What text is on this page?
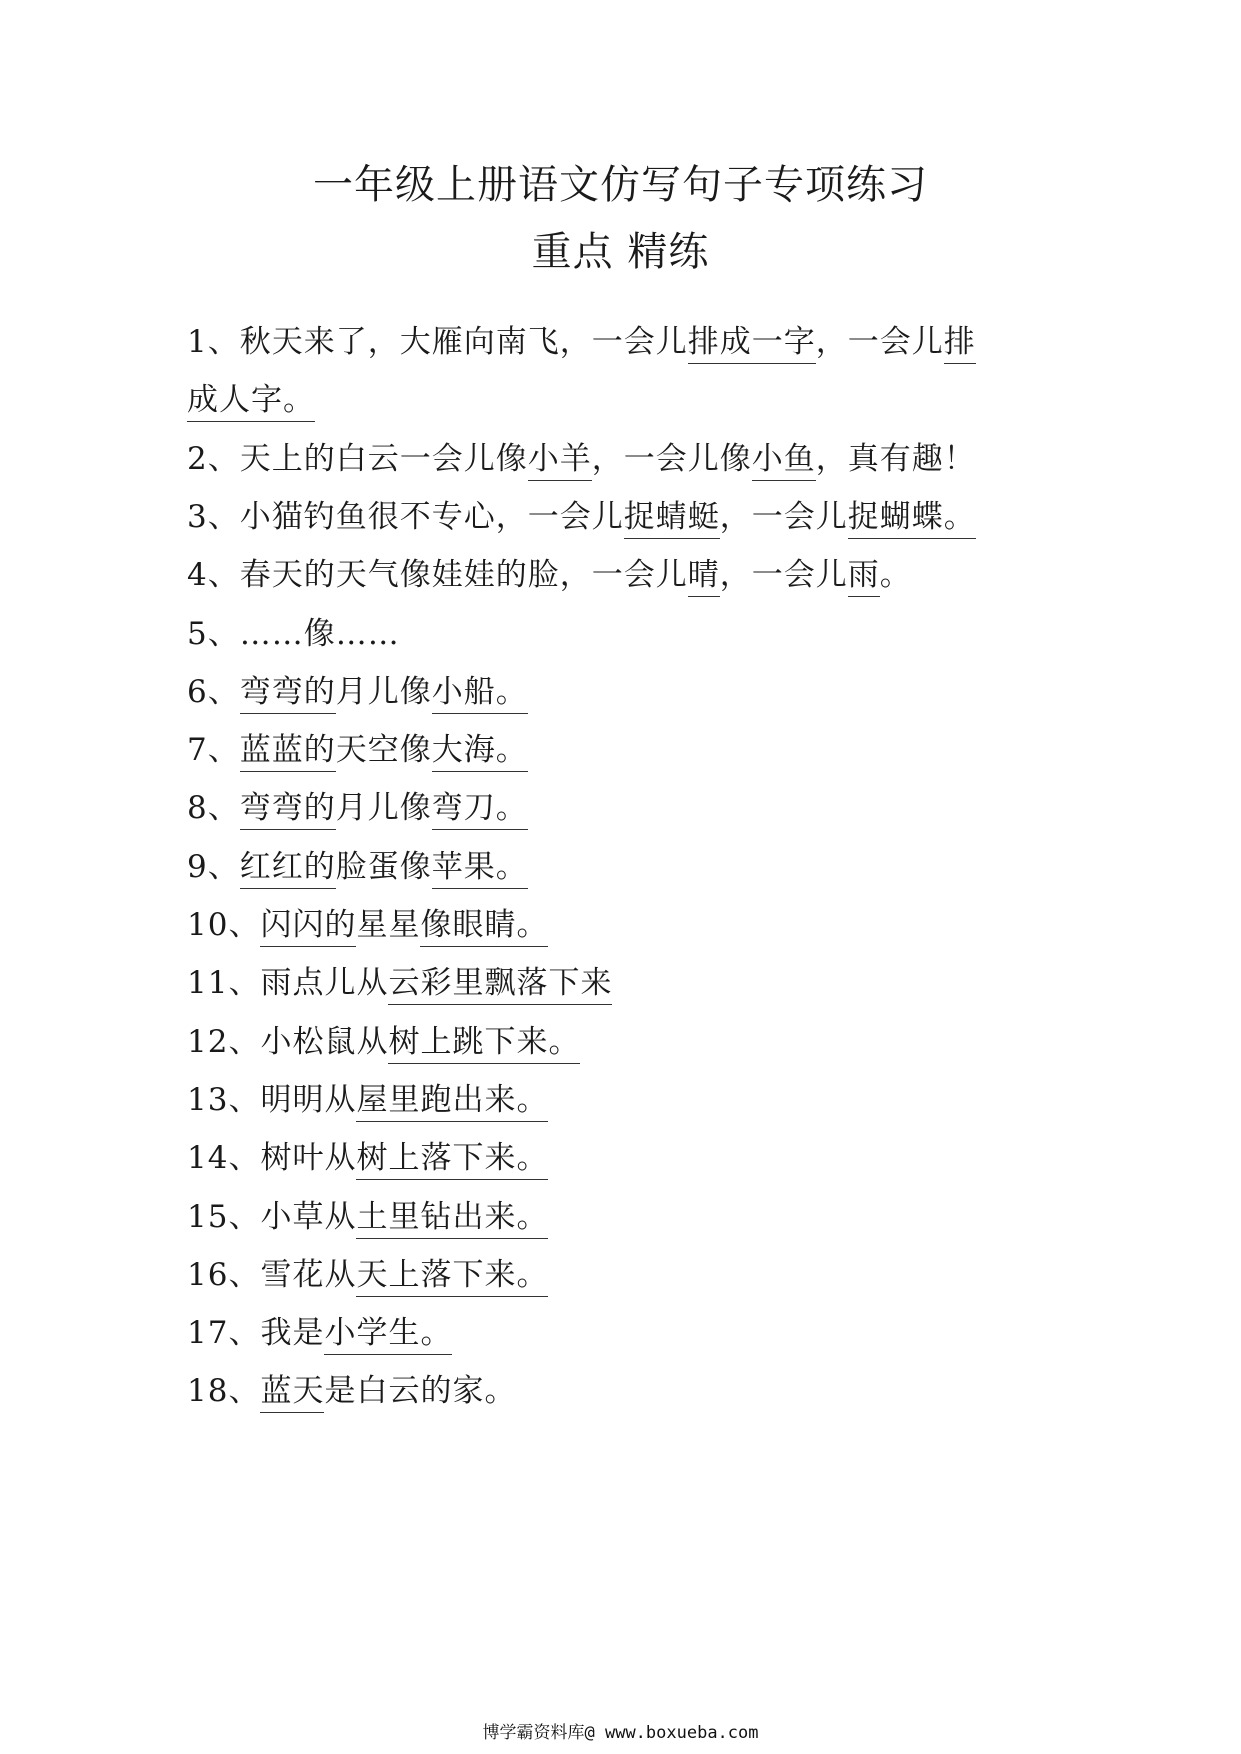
一年级上册语文仿写句子专项练习
重点 精练
1、秋天来了，大雁向南飞，一会儿排成一字，一会儿排
成人字。
2、天上的白云一会儿像小羊，一会儿像小鱼，真有趣！
3、小猫钓鱼很不专心，一会儿捉蜻蜓，一会儿捉蝴蝶。
4、春天的天气像娃娃的脸，一会儿晴，一会儿雨。
5、……像……
6、弯弯的月儿像小船。
7、蓝蓝的天空像大海。
8、弯弯的月儿像弯刀。
9、红红的脸蛋像苹果。
10、闪闪的星星像眼睛。
11、雨点儿从云彩里飘落下来
12、小松鼠从树上跳下来。
13、明明从屋里跑出来。
14、树叶从树上落下来。
15、小草从土里钻出来。
16、雪花从天上落下来。
17、我是小学生。
18、蓝天是白云的家。
博学霸资料库@ www.boxueba.com
